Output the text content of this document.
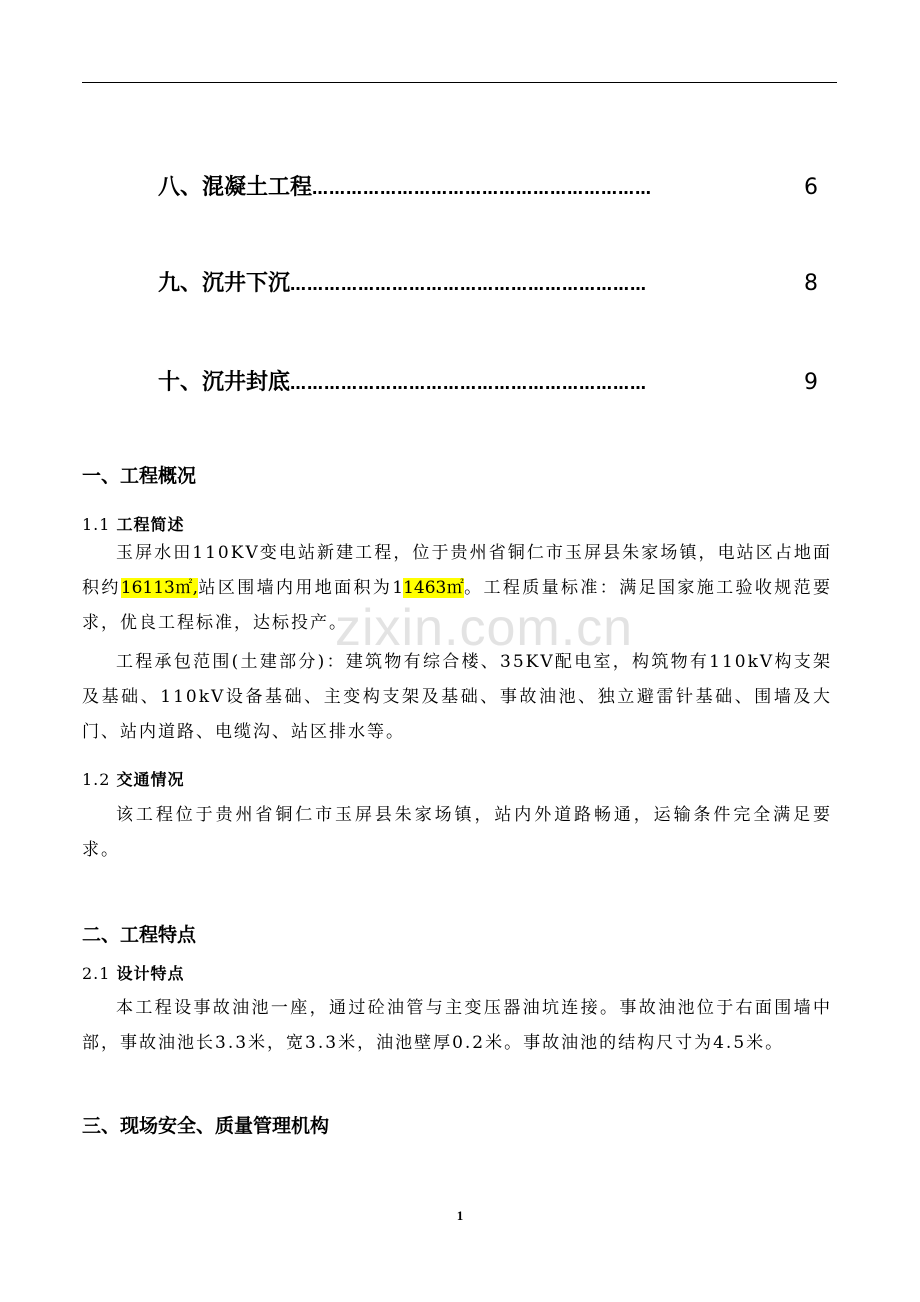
八、混凝土工程 ……………………………………………………	6
九、沉井下沉 ………………………………………………………	8
十、沉井封底 ………………………………………………………	9
zixin.com.cn
一、工程概况
1.1 工程简述

玉屏水田110KV变电站新建工程，位于贵州省铜仁市玉屏县朱家场镇，电站区占地面积约16113㎡,站区围墙内用地面积为11463㎡。工程质量标准：满足国家施工验收规范要求，优良工程标准，达标投产。

工程承包范围(土建部分)：建筑物有综合楼、35KV配电室，构筑物有110kV构支架及基础、110kV设备基础、主变构支架及基础、事故油池、独立避雷针基础、围墙及大门、站内道路、电缆沟、站区排水等。

1.2 交通情况

该工程位于贵州省铜仁市玉屏县朱家场镇，站内外道路畅通，运输条件完全满足要求。

二、工程特点
2.1 设计特点

本工程设事故油池一座，通过砼油管与主变压器油坑连接。事故油池位于右面围墙中部，事故油池长3.3米，宽3.3米，油池壁厚0.2米。事故油池的结构尺寸为4.5米。

三、现场安全、质量管理机构
1
